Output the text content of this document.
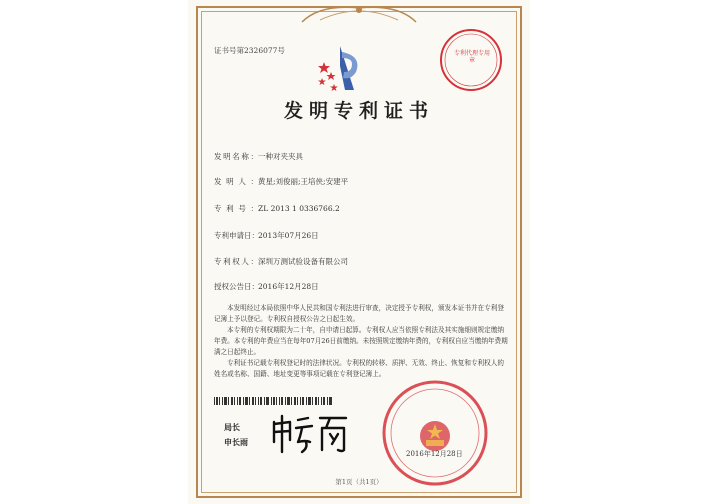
证书号第2326077号	专利代理专用章
发明专利证书
发明名称：一种对夹夹具
发明人：黄星;刘俊丽;王培侠;安建平
专利号：ZL 2013 1 0336766.2
专利申请日：2013年07月26日
专利权人：深圳万测试验设备有限公司
授权公告日：2016年12月28日

本发明经过本局依照中华人民共和国专利法进行审查，决定授予专利权，颁发本证书并在专利登记簿上予以登记。专利权自授权公告之日起生效。

本专利的专利权期限为二十年，自申请日起算。专利权人应当依照专利法及其实施细则规定缴纳年费。本专利的年费应当在每年07月26日前缴纳。未按照规定缴纳年费的，专利权自应当缴纳年费期满之日起终止。

专利证书记载专利权登记时的法律状况。专利权的转移、质押、无效、终止、恢复和专利权人的姓名或名称、国籍、地址变更等事项记载在专利登记簿上。

局长
申长雨
2016年12月28日
第1页（共1页）
